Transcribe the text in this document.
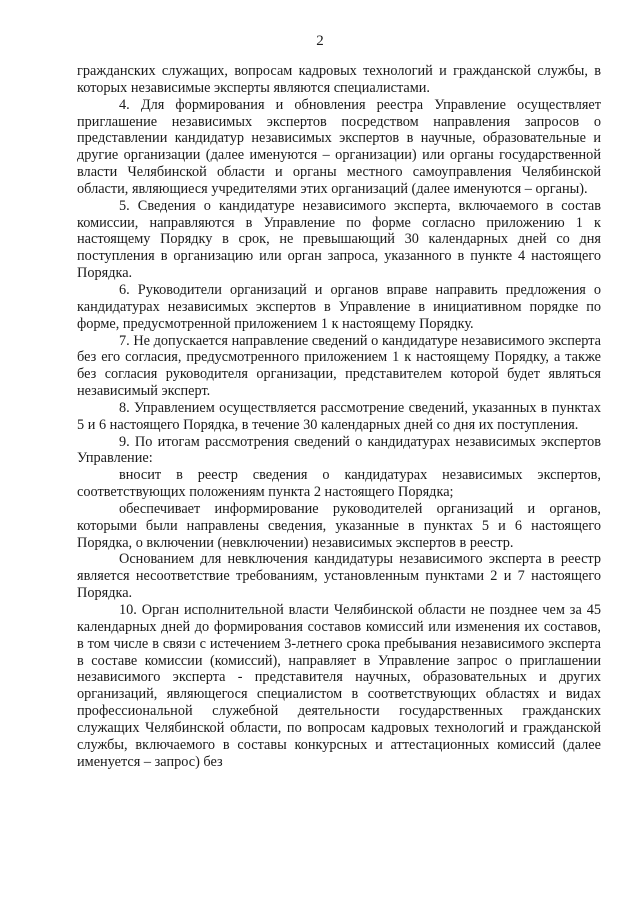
2

гражданских служащих, вопросам кадровых технологий и гражданской службы, в которых независимые эксперты являются специалистами.

4. Для формирования и обновления реестра Управление осуществляет приглашение независимых экспертов посредством направления запросов о представлении кандидатур независимых экспертов в научные, образовательные и другие организации (далее именуются – организации) или органы государственной власти Челябинской области и органы местного самоуправления Челябинской области, являющиеся учредителями этих организаций (далее именуются – органы).

5. Сведения о кандидатуре независимого эксперта, включаемого в состав комиссии, направляются в Управление по форме согласно приложению 1 к настоящему Порядку в срок, не превышающий 30 календарных дней со дня поступления в организацию или орган запроса, указанного в пункте 4 настоящего Порядка.

6. Руководители организаций и органов вправе направить предложения о кандидатурах независимых экспертов в Управление в инициативном порядке по форме, предусмотренной приложением 1 к настоящему Порядку.

7. Не допускается направление сведений о кандидатуре независимого эксперта без его согласия, предусмотренного приложением 1 к настоящему Порядку, а также без согласия руководителя организации, представителем которой будет являться независимый эксперт.

8. Управлением осуществляется рассмотрение сведений, указанных в пунктах 5 и 6 настоящего Порядка, в течение 30 календарных дней со дня их поступления.

9. По итогам рассмотрения сведений о кандидатурах независимых экспертов Управление:

вносит в реестр сведения о кандидатурах независимых экспертов, соответствующих положениям пункта 2 настоящего Порядка;

обеспечивает информирование руководителей организаций и органов, которыми были направлены сведения, указанные в пунктах 5 и 6 настоящего Порядка, о включении (невключении) независимых экспертов в реестр.

Основанием для невключения кандидатуры независимого эксперта в реестр является несоответствие требованиям, установленным пунктами 2 и 7 настоящего Порядка.

10. Орган исполнительной власти Челябинской области не позднее чем за 45 календарных дней до формирования составов комиссий или изменения их составов, в том числе в связи с истечением 3-летнего срока пребывания независимого эксперта в составе комиссии (комиссий), направляет в Управление запрос о приглашении независимого эксперта - представителя научных, образовательных и других организаций, являющегося специалистом в соответствующих областях и видах профессиональной служебной деятельности государственных гражданских служащих Челябинской области, по вопросам кадровых технологий и гражданской службы, включаемого в составы конкурсных и аттестационных комиссий (далее именуется – запрос) без
